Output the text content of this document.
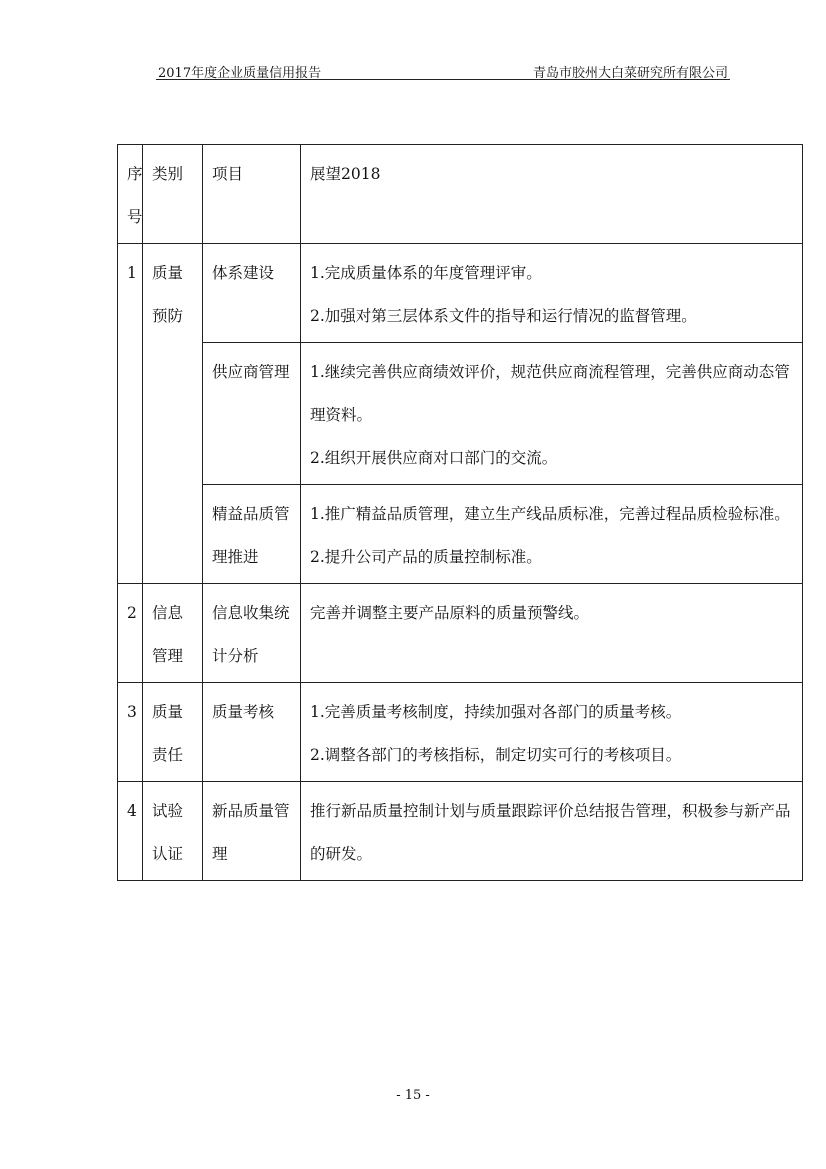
2017年度企业质量信用报告	青岛市胶州大白菜研究所有限公司
序号	类别	项目	展望2018
1	质量预防	体系建设	1.完成质量体系的年度管理评审。
2.加强对第三层体系文件的指导和运行情况的监督管理。

		供应商管理	1.继续完善供应商绩效评价，规范供应商流程管理，完善供应商动态管理资料。
2.组织开展供应商对口部门的交流。

		精益品质管理推进	1.推广精益品质管理，建立生产线品质标准，完善过程品质检验标准。
2.提升公司产品的质量控制标准。

2	信息管理	信息收集统计分析	完善并调整主要产品原料的质量预警线。

3	质量责任	质量考核	1.完善质量考核制度，持续加强对各部门的质量考核。
2.调整各部门的考核指标，制定切实可行的考核项目。

4	试验认证	新品质量管理	推行新品质量控制计划与质量跟踪评价总结报告管理，积极参与新产品的研发。
- 15 -
